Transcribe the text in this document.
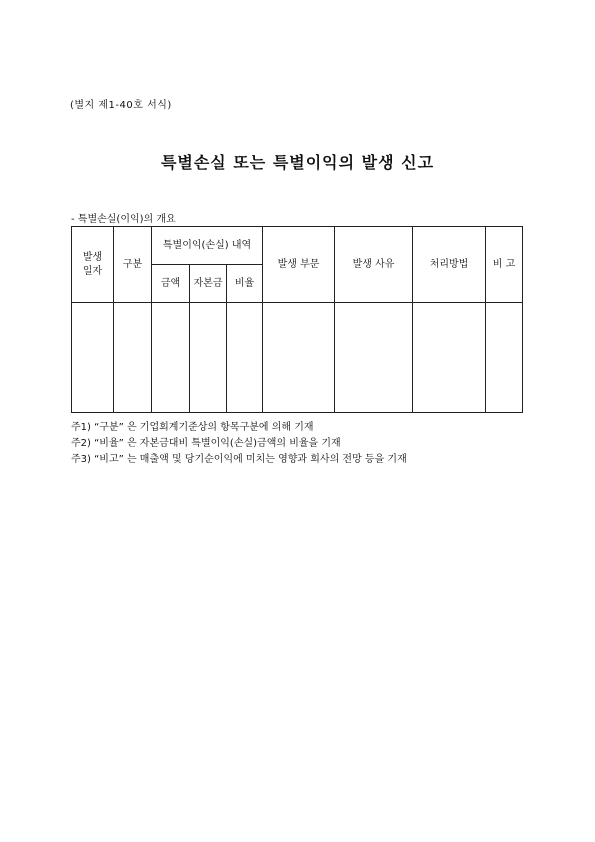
(별지 제1-40호 서식)
특별손실 또는 특별이익의 발생 신고
- 특별손실(이익)의 개요
발생
일자	구분	특별이익(손실) 내역			발생 부문	발생 사유	처리방법	비 고
		금액	자본금	비율				

주1) “구분” 은 기업회계기준상의 항목구분에 의해 기재
주2) “비율” 은 자본금대비 특별이익(손실)금액의 비율을 기재
주3) “비고” 는 매출액 및 당기순이익에 미치는 영향과 회사의 전망 등을 기재
